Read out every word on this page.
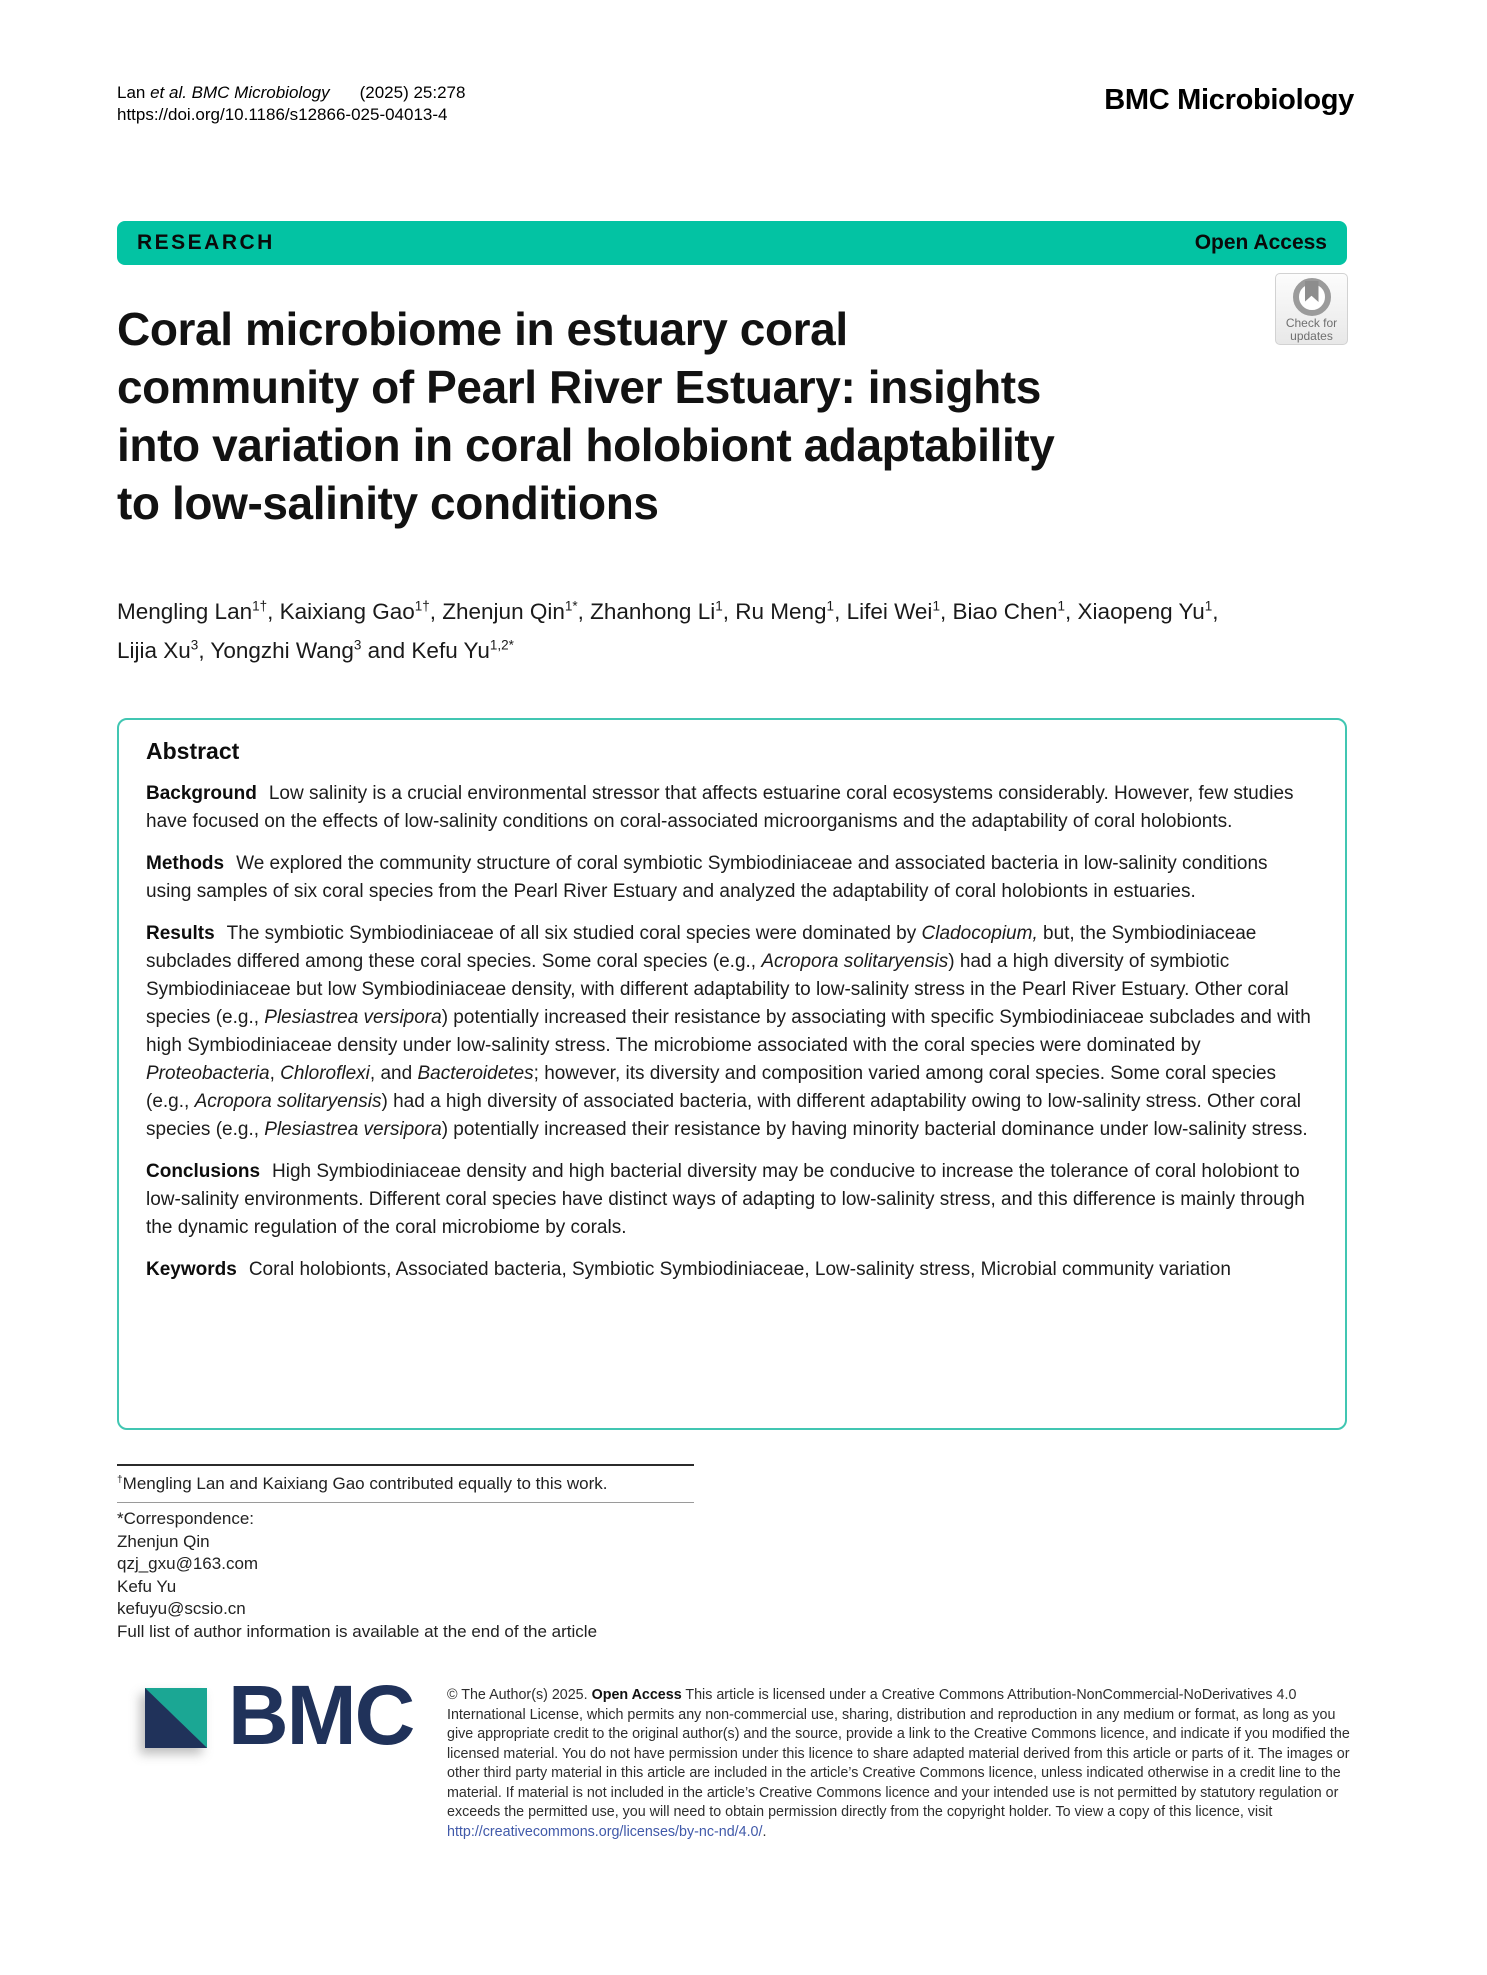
Lan et al. BMC Microbiology (2025) 25:278
https://doi.org/10.1186/s12866-025-04013-4	BMC Microbiology
RESEARCH	Open Access
Check for
updates
Coral microbiome in estuary coral
community of Pearl River Estuary: insights
into variation in coral holobiont adaptability
to low-salinity conditions
Mengling Lan$^{1\dagger}$, Kaixiang Gao$^{1\dagger}$, Zhenjun Qin$^{1*}$, Zhanhong Li$^1$, Ru Meng$^1$, Lifei Wei$^1$, Biao Chen$^1$, Xiaopeng Yu$^1$,
Lijia Xu$^3$, Yongzhi Wang$^3$ and Kefu $Yu^{1,2*}$
Abstract

Background Low salinity is a crucial environmental stressor that affects estuarine coral ecosystems considerably. However, few studies have focused on the effects of low-salinity conditions on coral-associated microorganisms and the adaptability of coral holobionts.

Methods We explored the community structure of coral symbiotic Symbiodiniaceae and associated bacteria in low-salinity conditions using samples of six coral species from the Pearl River Estuary and analyzed the adaptability of coral holobionts in estuaries.

Results The symbiotic Symbiodiniaceae of all six studied coral species were dominated by Cladocopium, but, the Symbiodiniaceae subclades differed among these coral species. Some coral species (e.g., Acropora solitaryensis) had a high diversity of symbiotic Symbiodiniaceae but low Symbiodiniaceae density, with different adaptability to low-salinity stress in the Pearl River Estuary. Other coral species (e.g., Plesiastrea versipora) potentially increased their resistance by associating with specific Symbiodiniaceae subclades and with high Symbiodiniaceae density under low-salinity stress. The microbiome associated with the coral species were dominated by Proteobacteria, Chloroflexi, and Bacteroidetes; however, its diversity and composition varied among coral species. Some coral species (e.g., Acropora solitaryensis) had a high diversity of associated bacteria, with different adaptability owing to low-salinity stress. Other coral species (e.g., Plesiastrea versipora) potentially increased their resistance by having minority bacterial dominance under low-salinity stress.

Conclusions High Symbiodiniaceae density and high bacterial diversity may be conducive to increase the tolerance of coral holobiont to low-salinity environments. Different coral species have distinct ways of adapting to low-salinity stress, and this difference is mainly through the dynamic regulation of the coral microbiome by corals.

Keywords Coral holobionts, Associated bacteria, Symbiotic Symbiodiniaceae, Low-salinity stress, Microbial community variation

†Mengling Lan and Kaixiang Gao contributed equally to this work.
*Correspondence:
Zhenjun Qin
qzj_gxu@163.com
Kefu Yu
kefuyu@scsio.cn
Full list of author information is available at the end of the article
BMC © The Author(s) 2025. Open Access This article is licensed under a Creative Commons Attribution-NonCommercial-NoDerivatives 4.0 International License, which permits any non-commercial use, sharing, distribution and reproduction in any medium or format, as long as you give appropriate credit to the original author(s) and the source, provide a link to the Creative Commons licence, and indicate if you modified the licensed material. You do not have permission under this licence to share adapted material derived from this article or parts of it. The images or other third party material in this article are included in the article’s Creative Commons licence, unless indicated otherwise in a credit line to the material. If material is not included in the article’s Creative Commons licence and your intended use is not permitted by statutory regulation or exceeds the permitted use, you will need to obtain permission directly from the copyright holder. To view a copy of this licence, visit http://creativecommons.org/licenses/by-nc-nd/4.0/.
